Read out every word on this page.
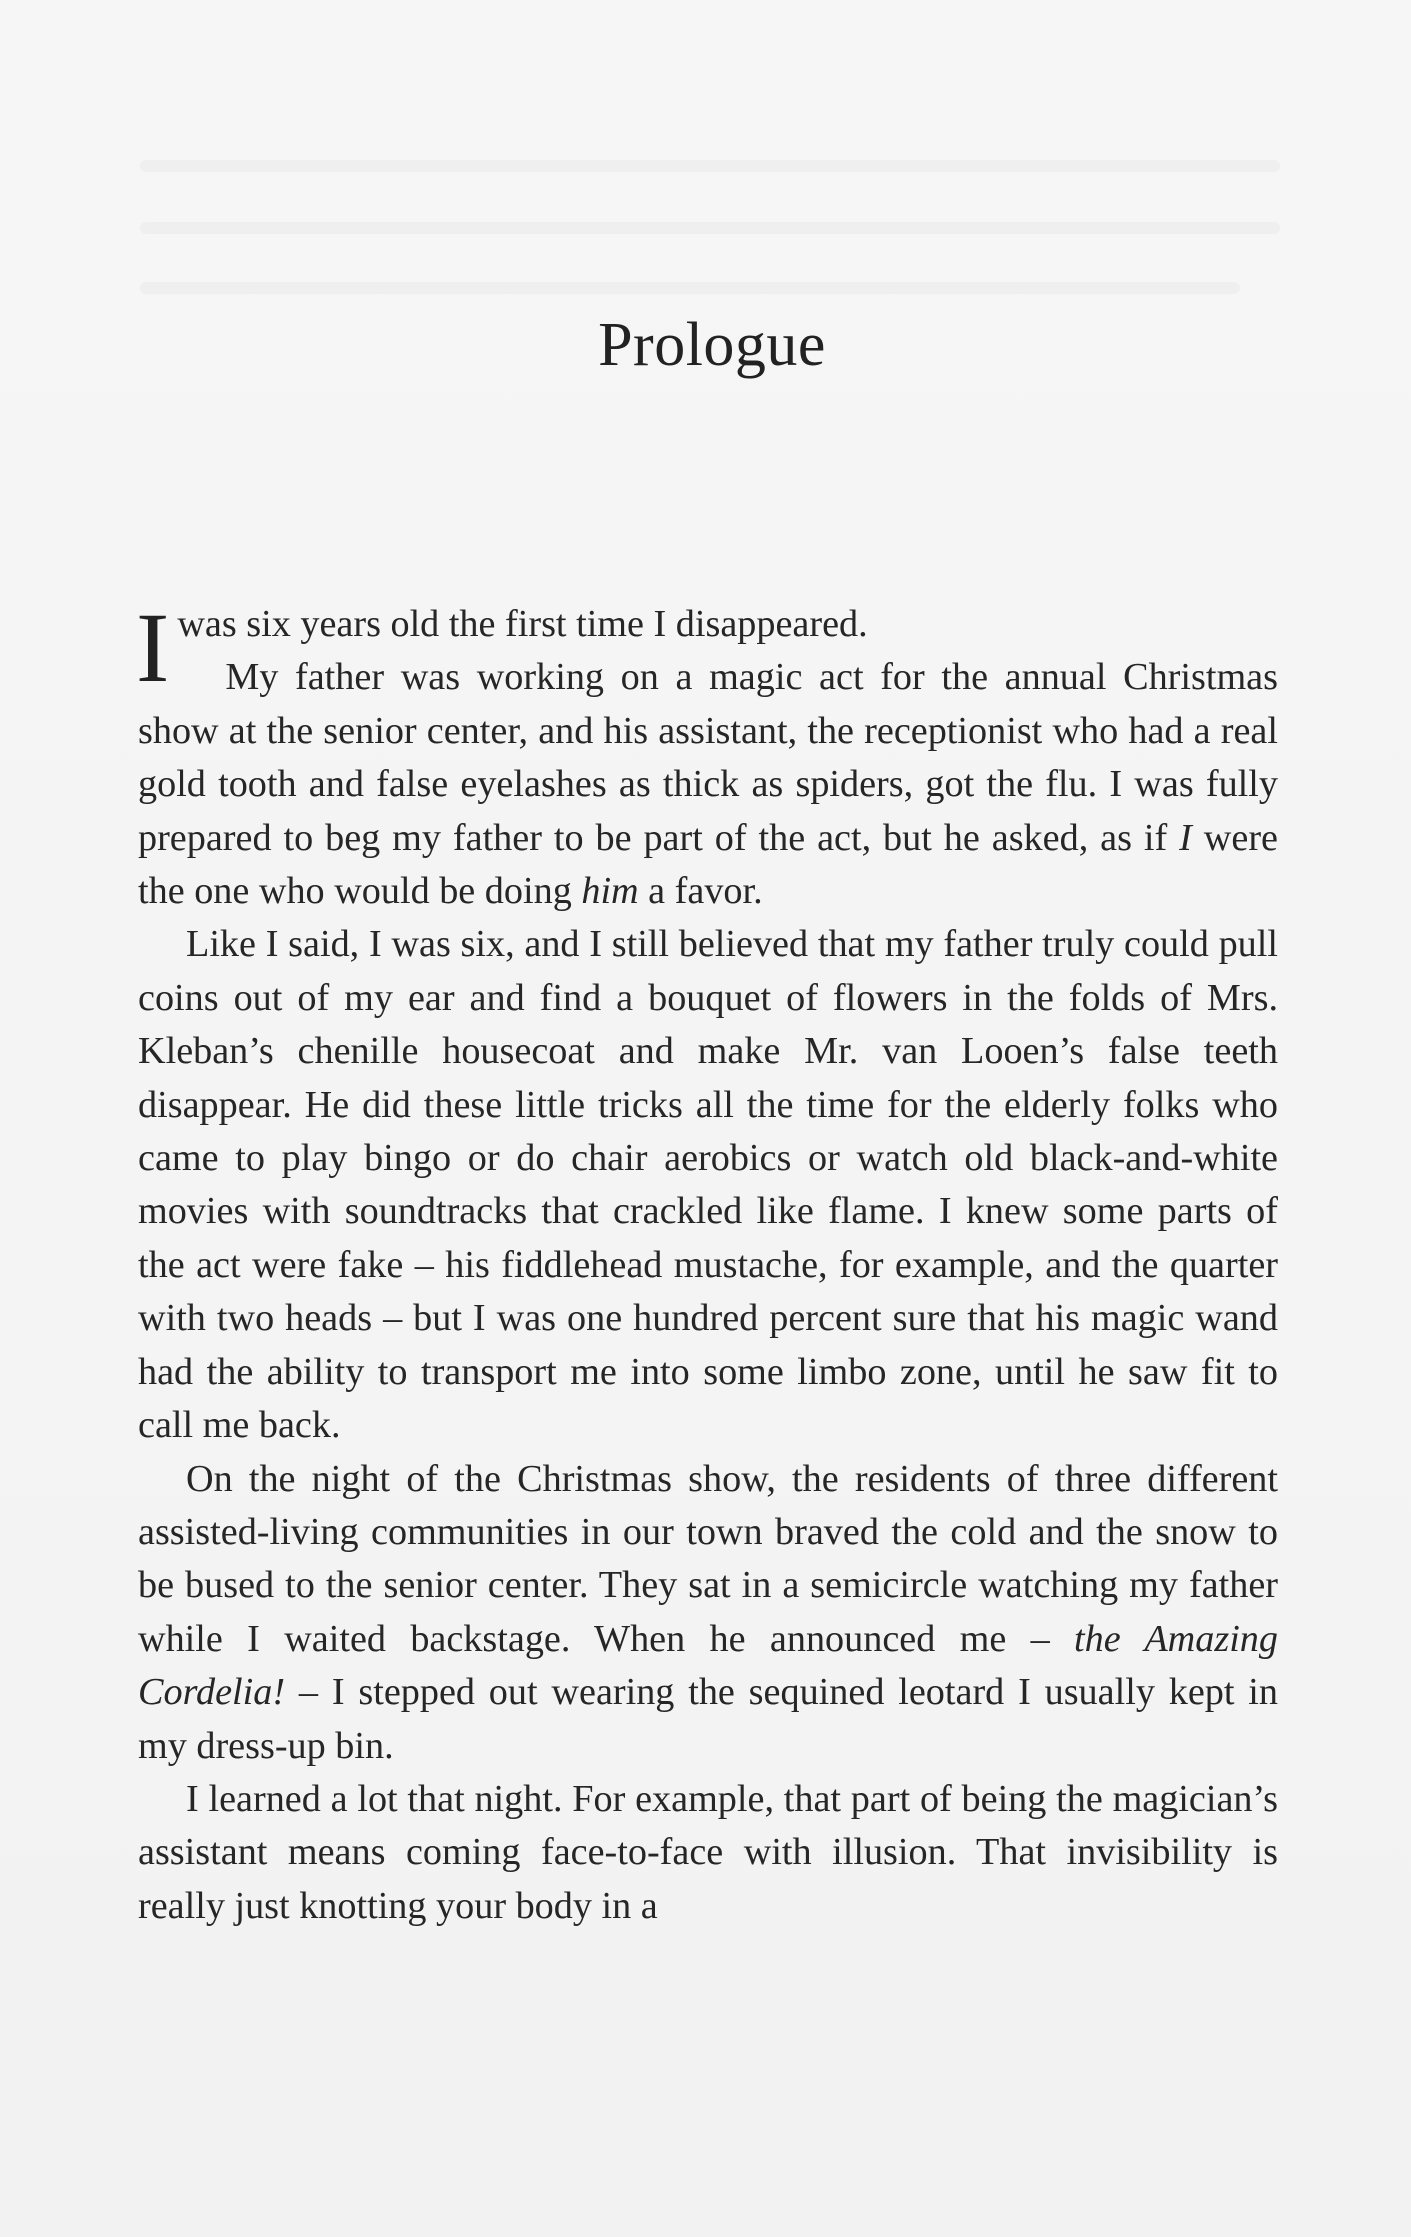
Prologue

Iwas six years old the first time I disappeared.

My father was working on a magic act for the annual Christmas show at the senior center, and his assistant, the receptionist who had a real gold tooth and false eyelashes as thick as spiders, got the flu. I was fully prepared to beg my father to be part of the act, but he asked, as if I were the one who would be doing him a favor.

Like I said, I was six, and I still believed that my father truly could pull coins out of my ear and find a bouquet of flowers in the folds of Mrs. Kleban’s chenille housecoat and make Mr. van Looen’s false teeth disappear. He did these little tricks all the time for the elderly folks who came to play bingo or do chair aerobics or watch old black-and-white movies with soundtracks that crackled like flame. I knew some parts of the act were fake – his fiddlehead mustache, for example, and the quarter with two heads – but I was one hundred percent sure that his magic wand had the ability to transport me into some limbo zone, until he saw fit to call me back.

On the night of the Christmas show, the residents of three different assisted-living communities in our town braved the cold and the snow to be bused to the senior center. They sat in a semicircle watching my father while I waited backstage. When he announced me – the Amazing Cordelia! – I stepped out wearing the sequined leotard I usually kept in my dress-up bin.

I learned a lot that night. For example, that part of being the magician’s assistant means coming face-to-face with illusion. That invisibility is really just knotting your body in a
